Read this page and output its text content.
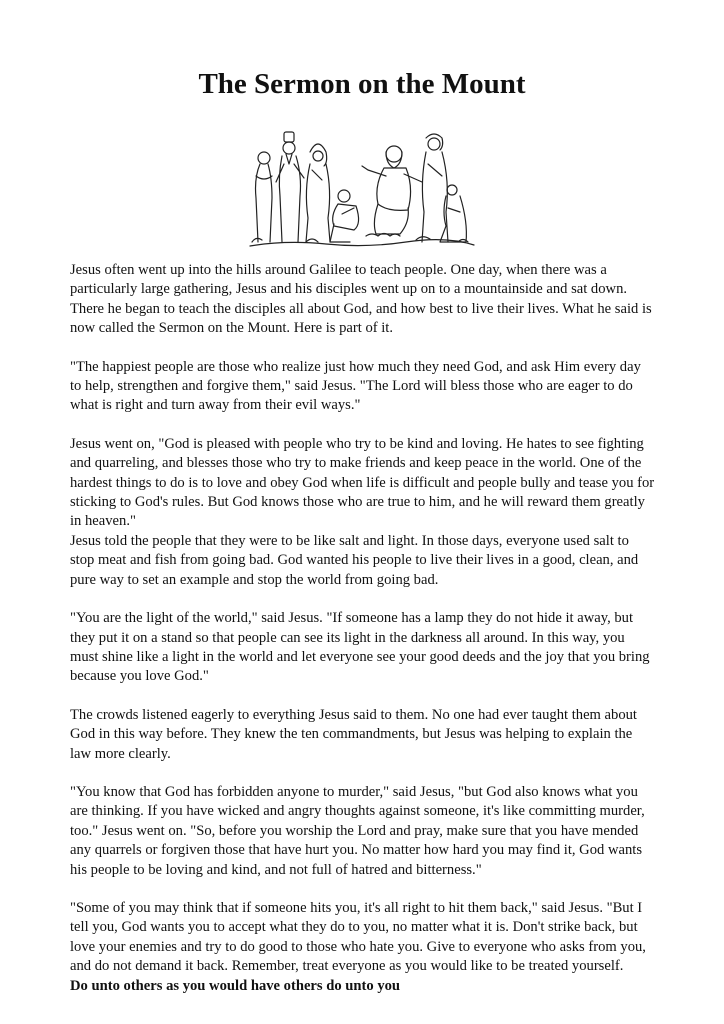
The Sermon on the Mount

Jesus often went up into the hills around Galilee to teach people. One day, when there was a
particularly large gathering, Jesus and his disciples went up on to a mountainside and sat down.
There he began to teach the disciples all about God, and how best to live their lives. What he said is
now called the Sermon on the Mount. Here is part of it.

"The happiest people are those who realize just how much they need God, and ask Him every day
to help, strengthen and forgive them," said Jesus. "The Lord will bless those who are eager to do
what is right and turn away from their evil ways."

Jesus went on, "God is pleased with people who try to be kind and loving. He hates to see fighting
and quarreling, and blesses those who try to make friends and keep peace in the world. One of the
hardest things to do is to love and obey God when life is difficult and people bully and tease you for
sticking to God's rules. But God knows those who are true to him, and he will reward them greatly
in heaven."

Jesus told the people that they were to be like salt and light. In those days, everyone used salt to
stop meat and fish from going bad. God wanted his people to live their lives in a good, clean, and
pure way to set an example and stop the world from going bad.

"You are the light of the world," said Jesus. "If someone has a lamp they do not hide it away, but
they put it on a stand so that people can see its light in the darkness all around. In this way, you
must shine like a light in the world and let everyone see your good deeds and the joy that you bring
because you love God."

The crowds listened eagerly to everything Jesus said to them. No one had ever taught them about
God in this way before. They knew the ten commandments, but Jesus was helping to explain the
law more clearly.

"You know that God has forbidden anyone to murder," said Jesus, "but God also knows what you
are thinking. If you have wicked and angry thoughts against someone, it's like committing murder,
too." Jesus went on. "So, before you worship the Lord and pray, make sure that you have mended
any quarrels or forgiven those that have hurt you. No matter how hard you may find it, God wants
his people to be loving and kind, and not full of hatred and bitterness."

"Some of you may think that if someone hits you, it's all right to hit them back," said Jesus. "But I
tell you, God wants you to accept what they do to you, no matter what it is. Don't strike back, but
love your enemies and try to do good to those who hate you. Give to everyone who asks from you,
and do not demand it back. Remember, treat everyone as you would like to be treated yourself.

Do unto others as you would have others do unto you
